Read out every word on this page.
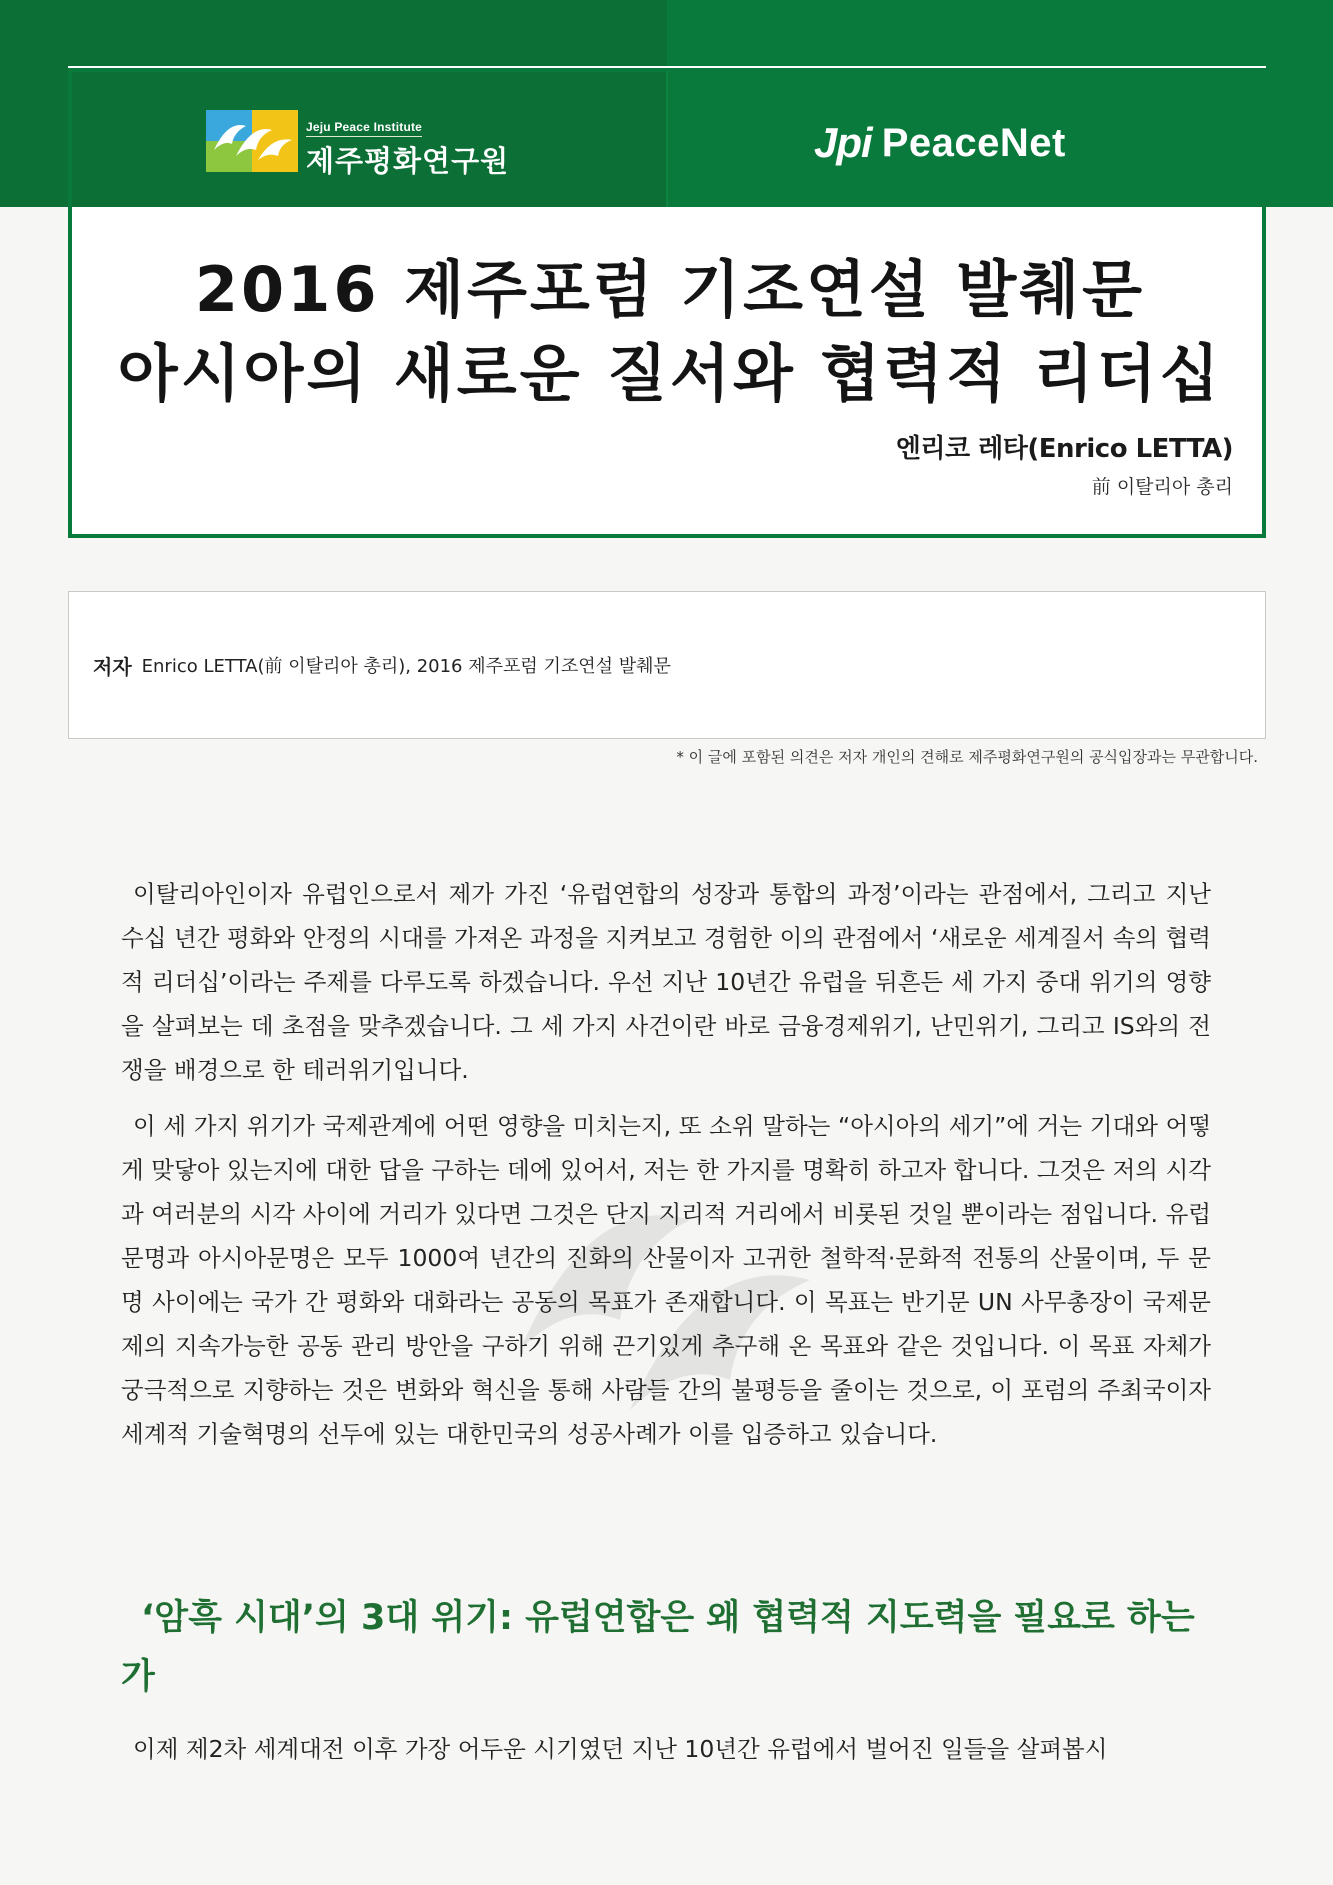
Jeju Peace Institute
제주평화연구원	Jpi PeaceNet
2016 제주포럼 기조연설 발췌문
아시아의 새로운 질서와 협력적 리더십
엔리코 레타(Enrico LETTA)
前 이탈리아 총리
저자 Enrico LETTA(前 이탈리아 총리), 2016 제주포럼 기조연설 발췌문
* 이 글에 포함된 의견은 저자 개인의 견해로 제주평화연구원의 공식입장과는 무관합니다.

이탈리아인이자 유럽인으로서 제가 가진 ‘유럽연합의 성장과 통합의 과정’이라는 관점에서, 그리고 지난 수십 년간 평화와 안정의 시대를 가져온 과정을 지켜보고 경험한 이의 관점에서 ‘새로운 세계질서 속의 협력적 리더십’이라는 주제를 다루도록 하겠습니다. 우선 지난 10년간 유럽을 뒤흔든 세 가지 중대 위기의 영향을 살펴보는 데 초점을 맞추겠습니다. 그 세 가지 사건이란 바로 금융경제위기, 난민위기, 그리고 IS와의 전쟁을 배경으로 한 테러위기입니다.

이 세 가지 위기가 국제관계에 어떤 영향을 미치는지, 또 소위 말하는 “아시아의 세기”에 거는 기대와 어떻게 맞닿아 있는지에 대한 답을 구하는 데에 있어서, 저는 한 가지를 명확히 하고자 합니다. 그것은 저의 시각과 여러분의 시각 사이에 거리가 있다면 그것은 단지 지리적 거리에서 비롯된 것일 뿐이라는 점입니다. 유럽문명과 아시아문명은 모두 1000여 년간의 진화의 산물이자 고귀한 철학적·문화적 전통의 산물이며, 두 문명 사이에는 국가 간 평화와 대화라는 공동의 목표가 존재합니다. 이 목표는 반기문 UN 사무총장이 국제문제의 지속가능한 공동 관리 방안을 구하기 위해 끈기있게 추구해 온 목표와 같은 것입니다. 이 목표 자체가 궁극적으로 지향하는 것은 변화와 혁신을 통해 사람들 간의 불평등을 줄이는 것으로, 이 포럼의 주최국이자 세계적 기술혁명의 선두에 있는 대한민국의 성공사례가 이를 입증하고 있습니다.

‘암흑 시대’의 3대 위기: 유럽연합은 왜 협력적 지도력을 필요로 하는가
이제 제2차 세계대전 이후 가장 어두운 시기였던 지난 10년간 유럽에서 벌어진 일들을 살펴봅시
